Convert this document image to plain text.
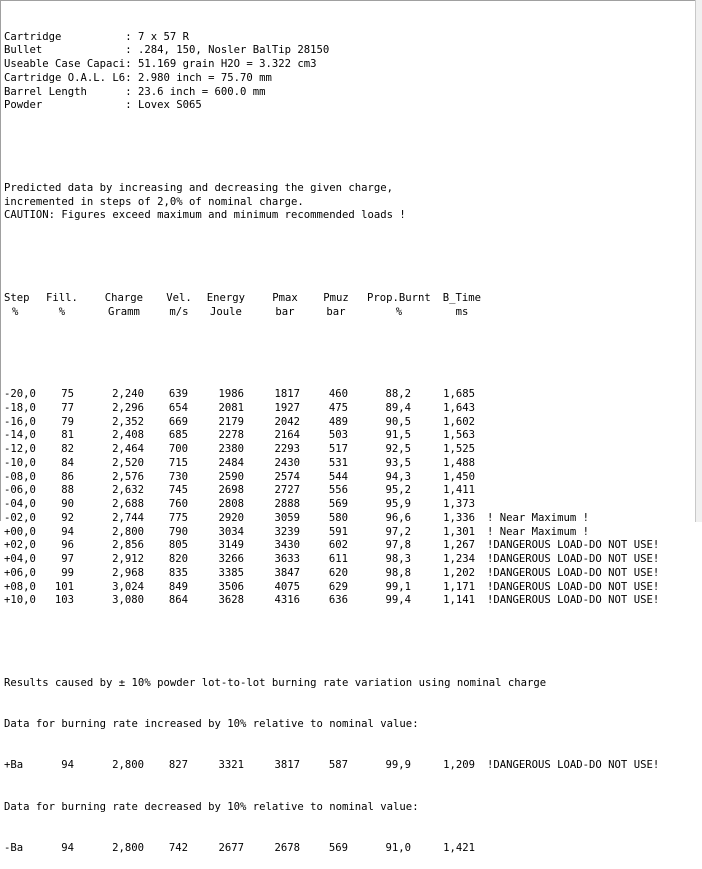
Cartridge          : 7 x 57 R
Bullet             : .284, 150, Nosler BalTip 28150
Useable Case Capaci: 51.169 grain H2O = 3.322 cm3
Cartridge O.A.L. L6: 2.980 inch = 75.70 mm
Barrel Length      : 23.6 inch = 600.0 mm
Powder             : Lovex S065

Predicted data by increasing and decreasing the given charge,
incremented in steps of 2,0% of nominal charge.
CAUTION: Figures exceed maximum and minimum recommended loads !

Step Fill.	Charge Vel. Energy	Pmax Pmuz Prop.Burnt B_Time
%	%	Gramm	m/s Joule	bar	bar	%	ms

-20,0 75	2,240 639	1986	1817	460	88,2	1,685
-18,0 77	2,296 654	2081	1927	475	89,4	1,643
-16,0 79	2,352 669	2179	2042	489	90,5	1,602
-14,0 81	2,408 685	2278	2164	503	91,5	1,563
-12,0 82	2,464 700	2380	2293	517	92,5	1,525
-10,0 84	2,520 715	2484	2430	531	93,5	1,488
-08,0 86	2,576 730	2590	2574	544	94,3	1,450
-06,0 88	2,632 745	2698	2727	556	95,2	1,411
-04,0 90	2,688 760	2808	2888	569	95,9	1,373
-02,0 92	2,744 775	2920	3059	580	96,6	1,336 ! Near Maximum !
+00,0 94	2,800 790	3034	3239	591	97,2	1,301 ! Near Maximum !
+02,0 96	2,856 805	3149	3430	602	97,8	1,267 !DANGEROUS LOAD-DO NOT USE!
+04,0 97	2,912 820	3266	3633	611	98,3	1,234 !DANGEROUS LOAD-DO NOT USE!
+06,0 99	2,968 835	3385	3847	620	98,8	1,202 !DANGEROUS LOAD-DO NOT USE!
+08,0 101	3,024 849	3506	4075	629	99,1	1,171 !DANGEROUS LOAD-DO NOT USE!
+10,0 103	3,080 864	3628	4316	636	99,4	1,141 !DANGEROUS LOAD-DO NOT USE!

Results caused by ± 10% powder lot-to-lot burning rate variation using nominal charge

Data for burning rate increased by 10% relative to nominal value:

+Ba	94	2,800 827	3321	3817	587	99,9	1,209 !DANGEROUS LOAD-DO NOT USE!

Data for burning rate decreased by 10% relative to nominal value:

-Ba	94	2,800 742	2677	2678	569	91,0	1,421
